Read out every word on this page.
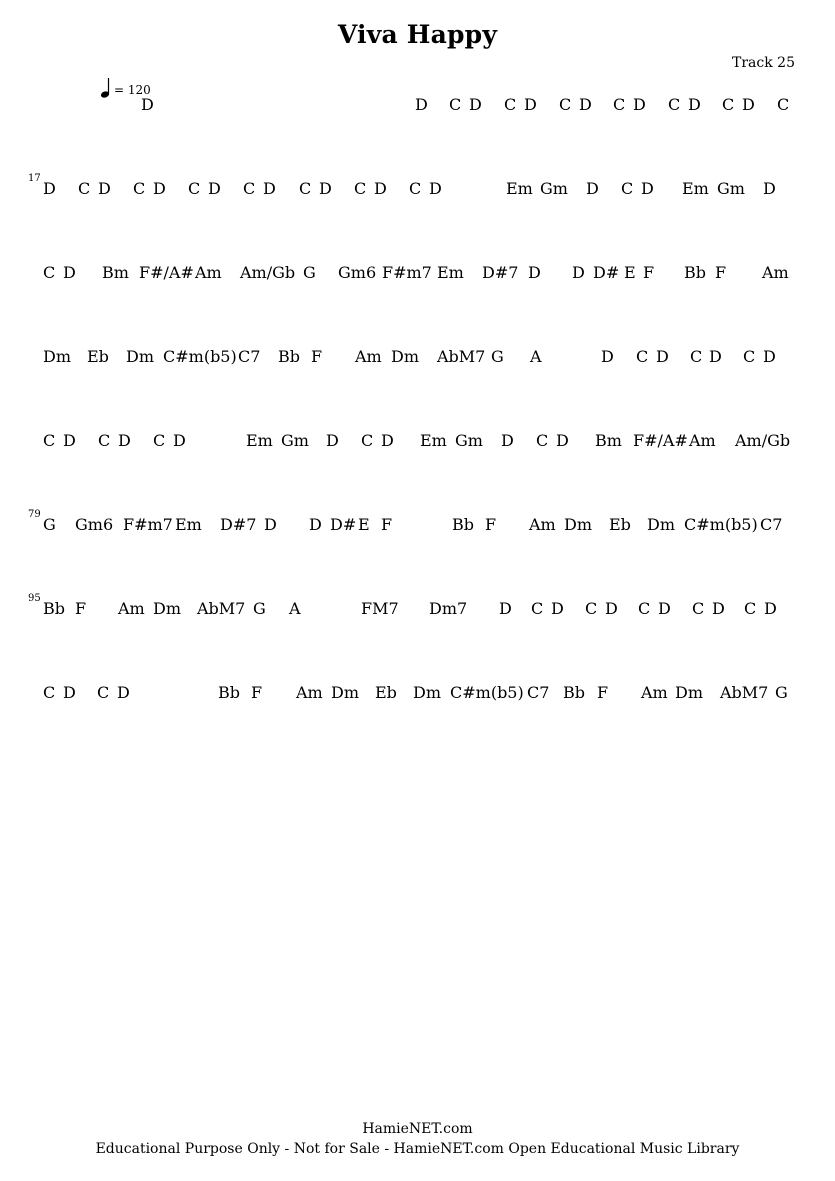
Viva Happy
Track 25
= 120
D	D C D C D C D C D C D C D C
17
D C D C D C D C D C D C D C D	Em Gm D C D Em Gm D
C D Bm F#/A# Am Am/Gb G Gm6 F#m7 Em D#7 D D D# E F Bb F Am
Dm Eb Dm C#m(b5) C7 Bb F Am Dm AbM7 G A	D C D C D C D
C D C D C D	Em Gm D C D Em Gm D C D Bm F#/A# Am Am/Gb
79
G Gm6 F#m7 Em D#7 D D D# E F	Bb F Am Dm Eb Dm C#m(b5) C7
95
Bb F Am Dm AbM7 G A	FM7 Dm7 D C D C D C D C D C D
C D C D	Bb F Am Dm Eb Dm C#m(b5) C7 Bb F Am Dm AbM7 G
HamieNET.com
Educational Purpose Only - Not for Sale - HamieNET.com Open Educational Music Library
